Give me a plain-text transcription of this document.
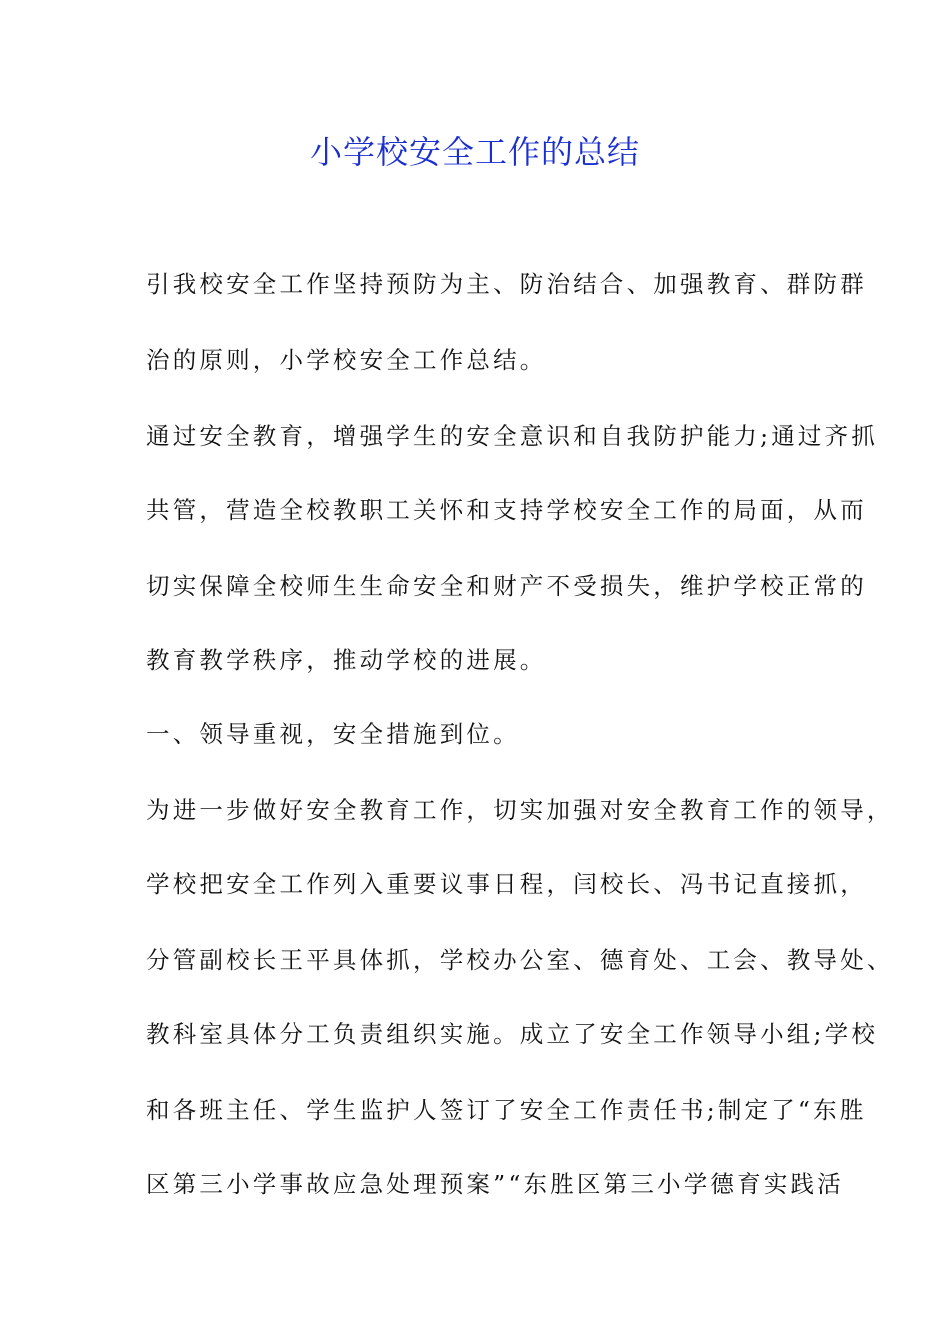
小学校安全工作的总结

引我校安全工作坚持预防为主、防治结合、加强教育、群防群

治的原则，小学校安全工作总结。

通过安全教育，增强学生的安全意识和自我防护能力;通过齐抓

共管，营造全校教职工关怀和支持学校安全工作的局面，从而

切实保障全校师生生命安全和财产不受损失，维护学校正常的

教育教学秩序，推动学校的进展。

一、领导重视，安全措施到位。

为进一步做好安全教育工作，切实加强对安全教育工作的领导，

学校把安全工作列入重要议事日程，闫校长、冯书记直接抓，

分管副校长王平具体抓，学校办公室、德育处、工会、教导处、

教科室具体分工负责组织实施。成立了安全工作领导小组;学校

和各班主任、学生监护人签订了安全工作责任书;制定了“东胜

区第三小学事故应急处理预案”“东胜区第三小学德育实践活
